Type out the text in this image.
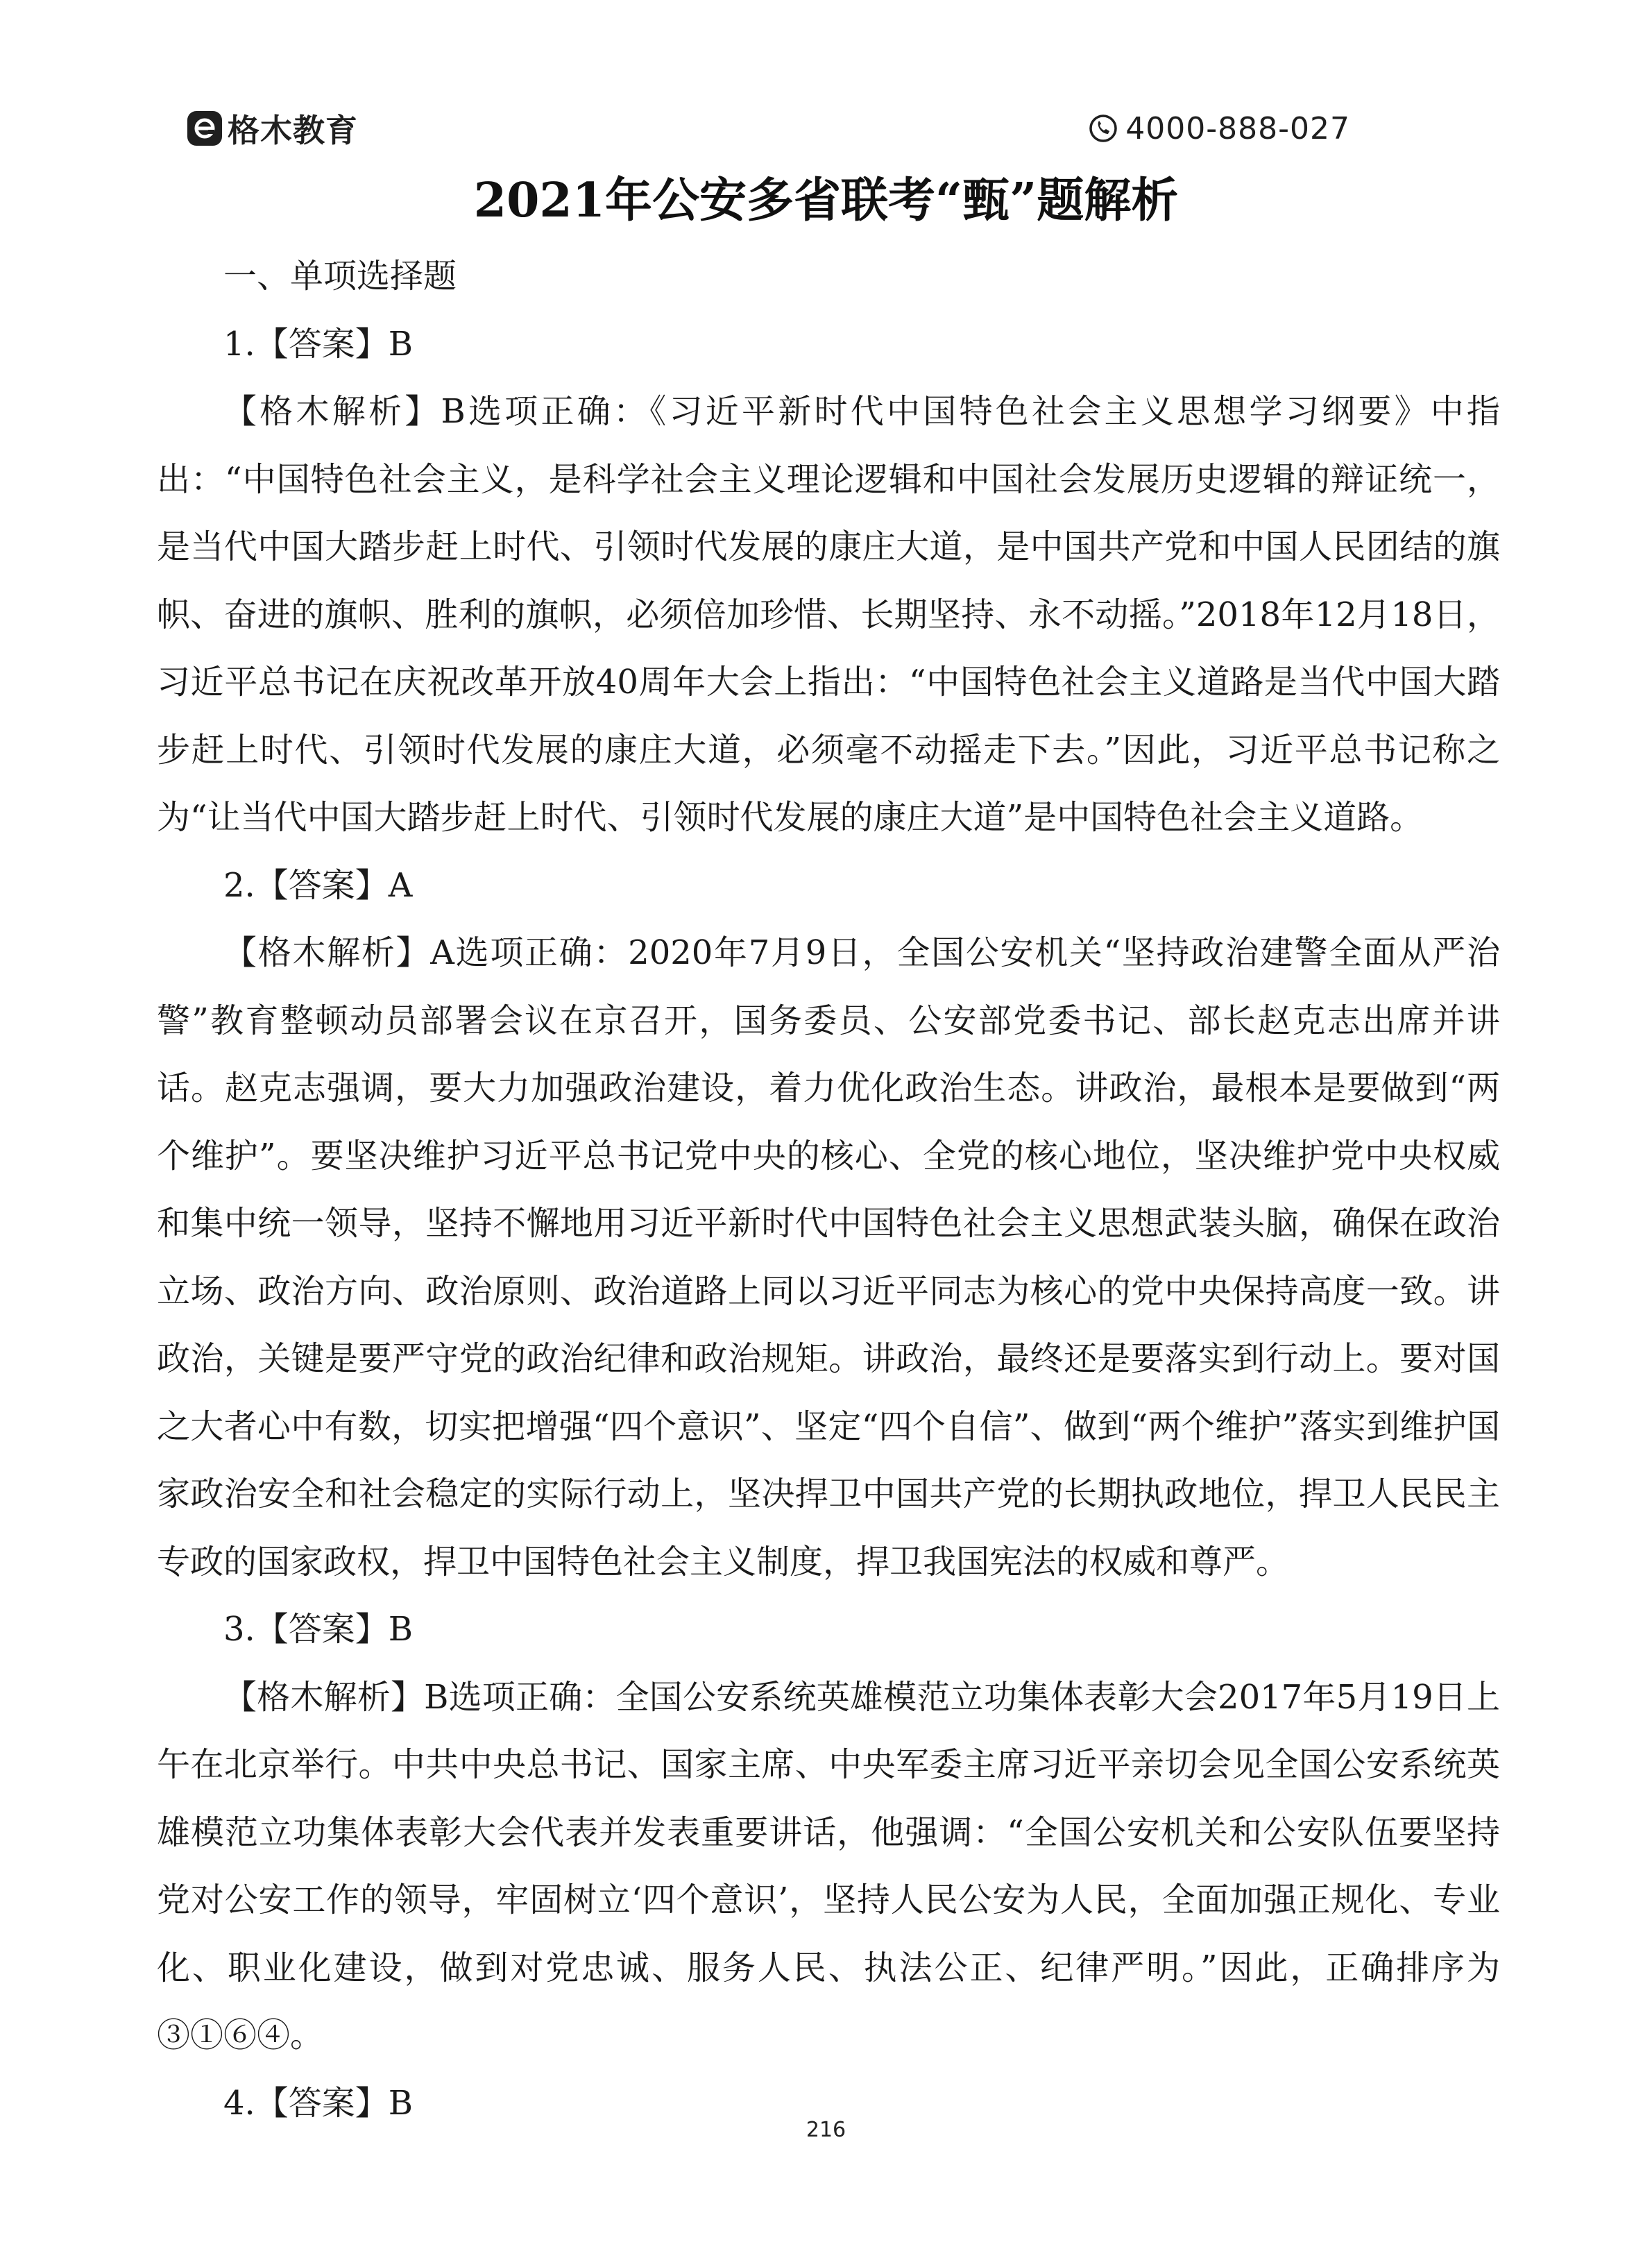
格木教育	4000-888-027
2021年公安多省联考“甄”题解析

一、单项选择题

1.【答案】B

【格木解析】B选项正确：《习近平新时代中国特色社会主义思想学习纲要》中指出：“中国特色社会主义，是科学社会主义理论逻辑和中国社会发展历史逻辑的辩证统一，是当代中国大踏步赶上时代、引领时代发展的康庄大道，是中国共产党和中国人民团结的旗帜、奋进的旗帜、胜利的旗帜，必须倍加珍惜、长期坚持、永不动摇。”2018年12月18日，习近平总书记在庆祝改革开放40周年大会上指出：“中国特色社会主义道路是当代中国大踏步赶上时代、引领时代发展的康庄大道，必须毫不动摇走下去。”因此，习近平总书记称之为“让当代中国大踏步赶上时代、引领时代发展的康庄大道”是中国特色社会主义道路。

2.【答案】A

【格木解析】A选项正确：2020年7月9日，全国公安机关“坚持政治建警全面从严治警”教育整顿动员部署会议在京召开，国务委员、公安部党委书记、部长赵克志出席并讲话。赵克志强调，要大力加强政治建设，着力优化政治生态。讲政治，最根本是要做到“两个维护”。要坚决维护习近平总书记党中央的核心、全党的核心地位，坚决维护党中央权威和集中统一领导，坚持不懈地用习近平新时代中国特色社会主义思想武装头脑，确保在政治立场、政治方向、政治原则、政治道路上同以习近平同志为核心的党中央保持高度一致。讲政治，关键是要严守党的政治纪律和政治规矩。讲政治，最终还是要落实到行动上。要对国之大者心中有数，切实把增强“四个意识”、坚定“四个自信”、做到“两个维护”落实到维护国家政治安全和社会稳定的实际行动上，坚决捍卫中国共产党的长期执政地位，捍卫人民民主专政的国家政权，捍卫中国特色社会主义制度，捍卫我国宪法的权威和尊严。

3.【答案】B

【格木解析】B选项正确：全国公安系统英雄模范立功集体表彰大会2017年5月19日上午在北京举行。中共中央总书记、国家主席、中央军委主席习近平亲切会见全国公安系统英雄模范立功集体表彰大会代表并发表重要讲话，他强调：“全国公安机关和公安队伍要坚持党对公安工作的领导，牢固树立‘四个意识’，坚持人民公安为人民，全面加强正规化、专业化、职业化建设，做到对党忠诚、服务人民、执法公正、纪律严明。”因此，正确排序为③①⑥④。

4.【答案】B

216
